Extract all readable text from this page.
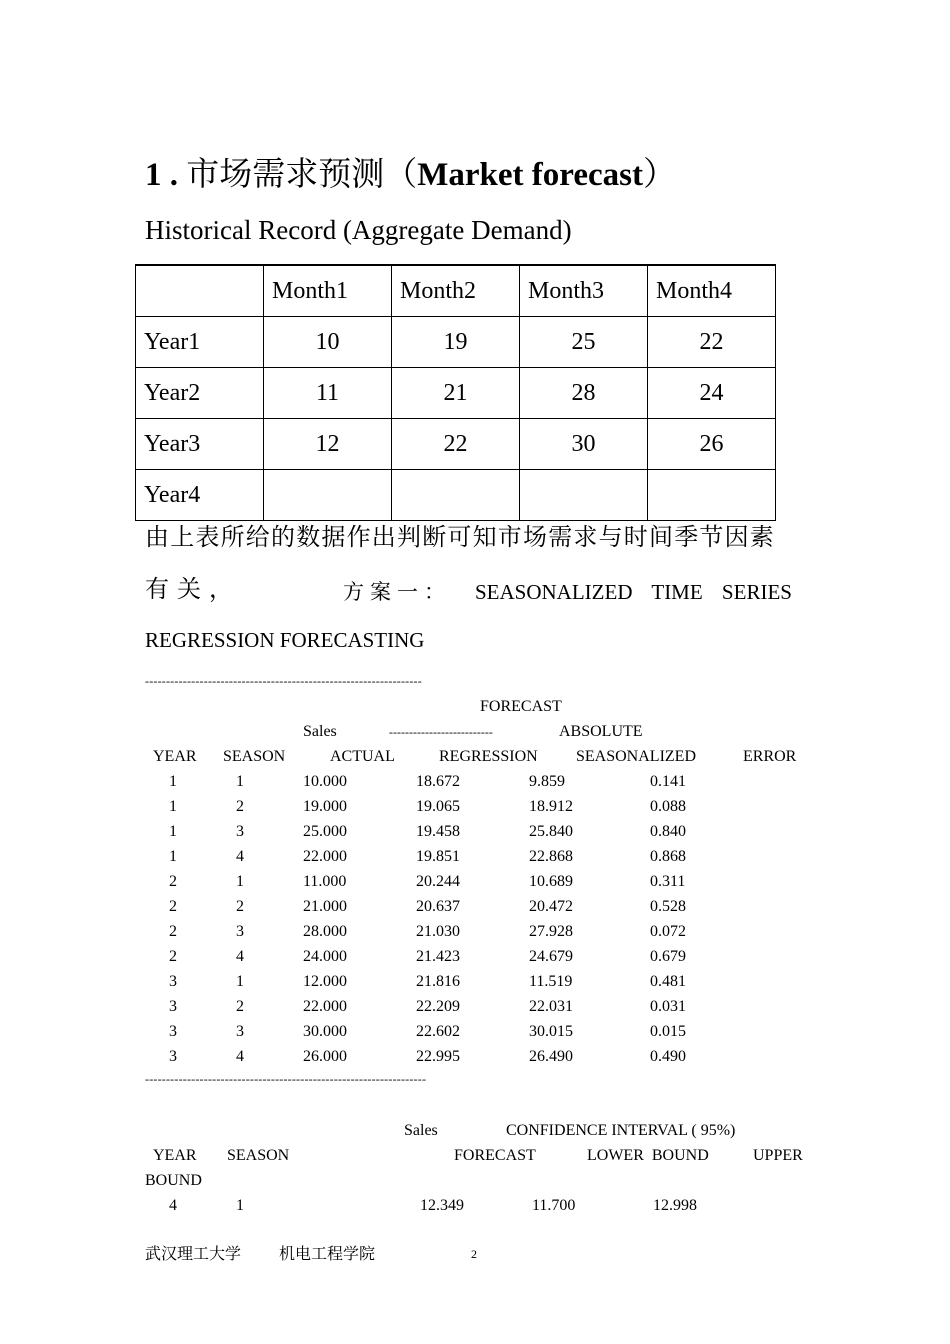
1 . 市场需求预测（Market forecast）
Historical Record (Aggregate Demand)
	Month1	Month2	Month3	Month4
Year1	10	19	25	22
Year2	11	21	28	24
Year3	12	22	30	26
Year4				
由上表所给的数据作出判断可知市场需求与时间季节因素
有关，	方案一： SEASONALIZED TIME SERIES
REGRESSION FORECASTING
------------------------------------------------------------------
FORECAST
Sales	--------------------------	ABSOLUTE
YEAR SEASON	ACTUAL	REGRESSION SEASONALIZED	ERROR
1	1	10.000	18.672	9.859	0.141
1	2	19.000	19.065	18.912	0.088
1	3	25.000	19.458	25.840	0.840
1	4	22.000	19.851	22.868	0.868
2	1	11.000	20.244	10.689	0.311
2	2	21.000	20.637	20.472	0.528
2	3	28.000	21.030	27.928	0.072
2	4	24.000	21.423	24.679	0.679
3	1	12.000	21.816	11.519	0.481
3	2	22.000	22.209	22.031	0.031
3	3	30.000	22.602	30.015	0.015
3	4	26.000	22.995	26.490	0.490
-------------------------------------------------------------------
Sales	CONFIDENCE INTERVAL ( 95%)
YEAR SEASON	FORECAST	LOWER  BOUND	UPPER
BOUND
4	1	12.349	11.700	12.998
武汉理工大学 机电工程学院	2
